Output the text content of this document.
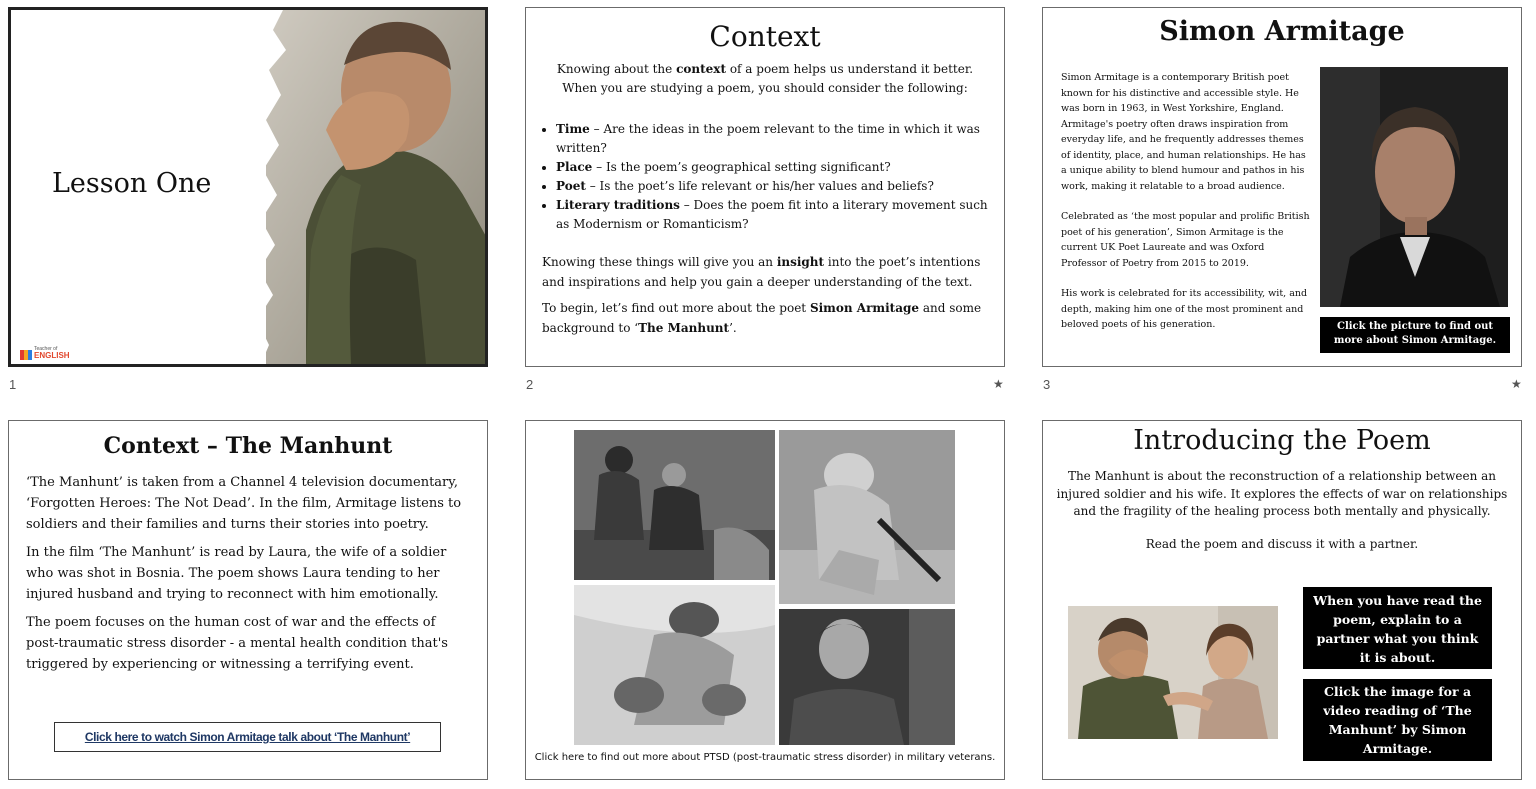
Lesson One
Teacher of
ENGLISH
1
Context
Knowing about the context of a poem helps us understand it better.
When you are studying a poem, you should consider the following:
• Time – Are the ideas in the poem relevant to the time in which it was written?
• Place – Is the poem’s geographical setting significant?
• Poet – Is the poet’s life relevant or his/her values and beliefs?
• Literary traditions – Does the poem fit into a literary movement such as Modernism or Romanticism?
Knowing these things will give you an insight into the poet’s intentions and inspirations and help you gain a deeper understanding of the text.
To begin, let’s find out more about the poet Simon Armitage and some background to ‘The Manhunt’.
2	★
Simon Armitage

Simon Armitage is a contemporary British poet known for his distinctive and accessible style. He was born in 1963, in West Yorkshire, England. Armitage's poetry often draws inspiration from everyday life, and he frequently addresses themes of identity, place, and human relationships. He has a unique ability to blend humour and pathos in his work, making it relatable to a broad audience.

Celebrated as ‘the most popular and prolific British poet of his generation’, Simon Armitage is the current UK Poet Laureate and was Oxford Professor of Poetry from 2015 to 2019.

His work is celebrated for its accessibility, wit, and depth, making him one of the most prominent and beloved poets of his generation.	Click the picture to find out more about Simon Armitage.
3	★
Context – The Manhunt

‘The Manhunt’ is taken from a Channel 4 television documentary, ‘Forgotten Heroes: The Not Dead’. In the film, Armitage listens to soldiers and their families and turns their stories into poetry.

In the film ‘The Manhunt’ is read by Laura, the wife of a soldier who was shot in Bosnia. The poem shows Laura tending to her injured husband and trying to reconnect with him emotionally.

The poem focuses on the human cost of war and the effects of post-traumatic stress disorder - a mental health condition that's triggered by experiencing or witnessing a terrifying event.

Click here to watch Simon Armitage talk about ‘The Manhunt’
Click here to find out more about PTSD (post-traumatic stress disorder) in military veterans.
Introducing the Poem
The Manhunt is about the reconstruction of a relationship between an injured soldier and his wife. It explores the effects of war on relationships and the fragility of the healing process both mentally and physically.
Read the poem and discuss it with a partner.
When you have read the poem, explain to a partner what you think it is about.
Click the image for a video reading of ‘The Manhunt’ by Simon Armitage.
